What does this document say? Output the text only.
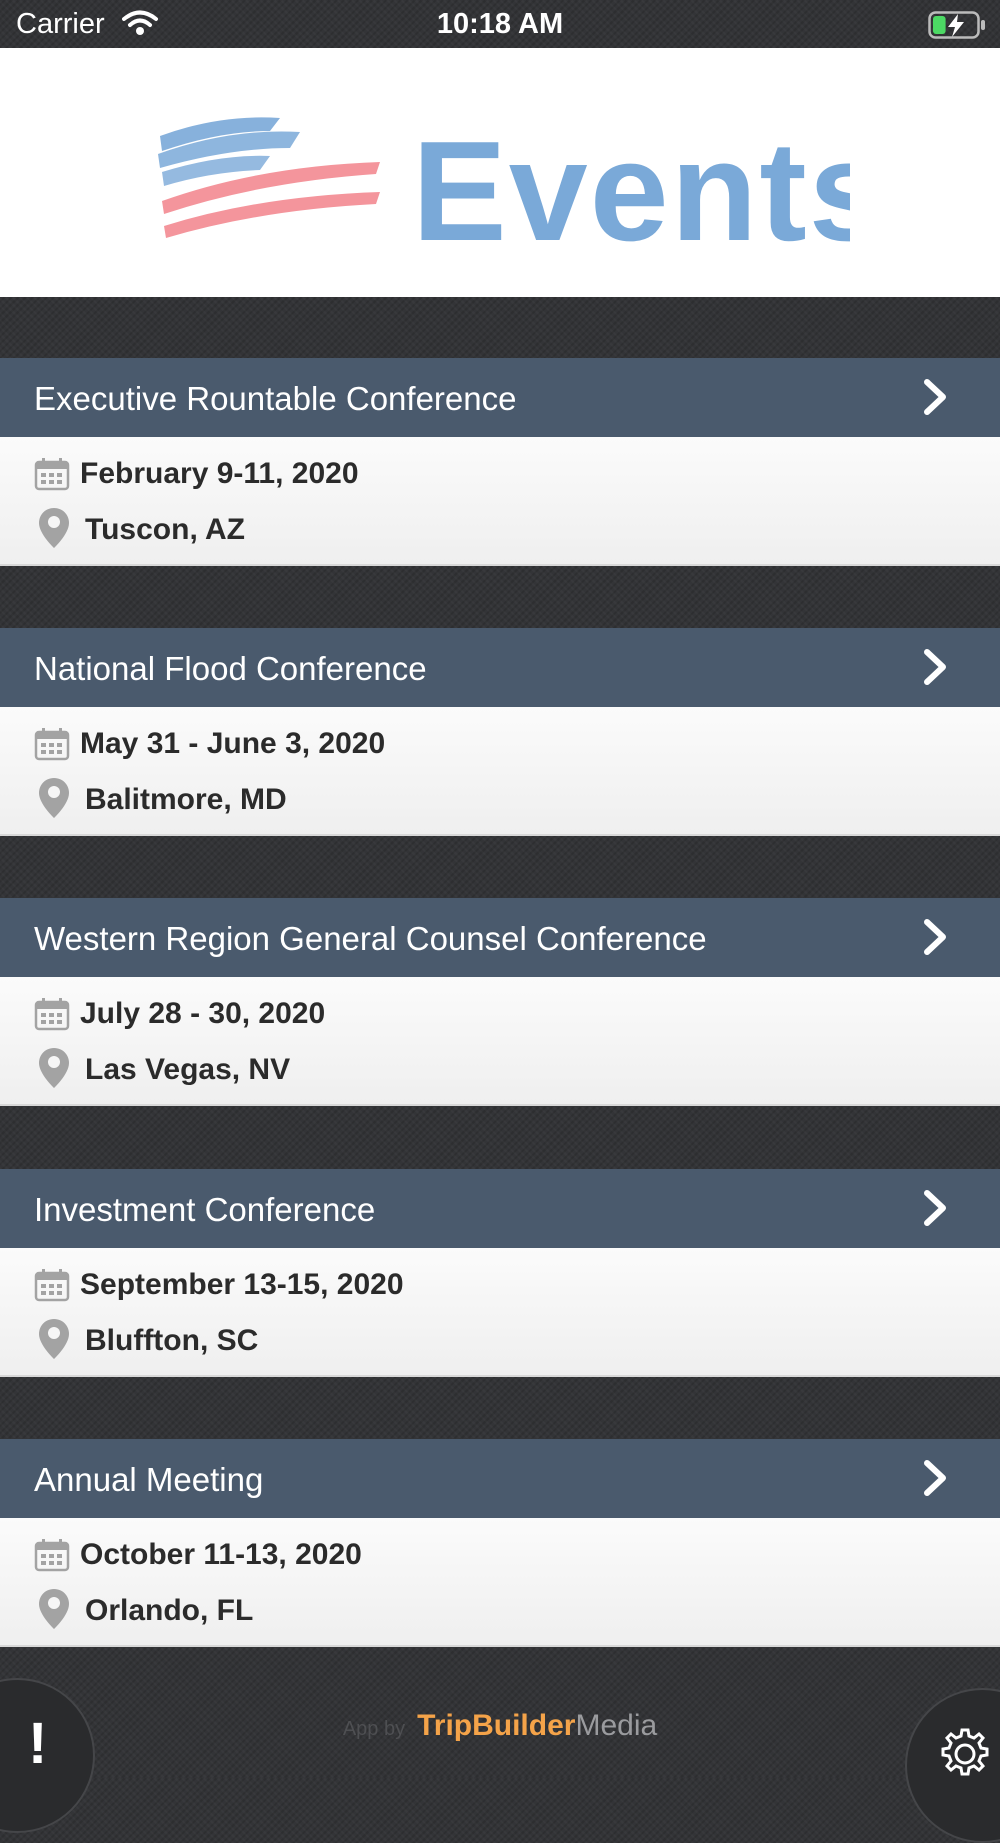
Carrier	10:18 AM
Events
Executive Rountable Conference
February 9-11, 2020
Tuscon, AZ
National Flood Conference
May 31 - June 3, 2020
Balitmore, MD
Western Region General Counsel Conference
July 28 - 30, 2020
Las Vegas, NV
Investment Conference
September 13-15, 2020
Bluffton, SC
Annual Meeting
October 11-13, 2020
Orlando, FL
App by TripBuilderMedia
!
